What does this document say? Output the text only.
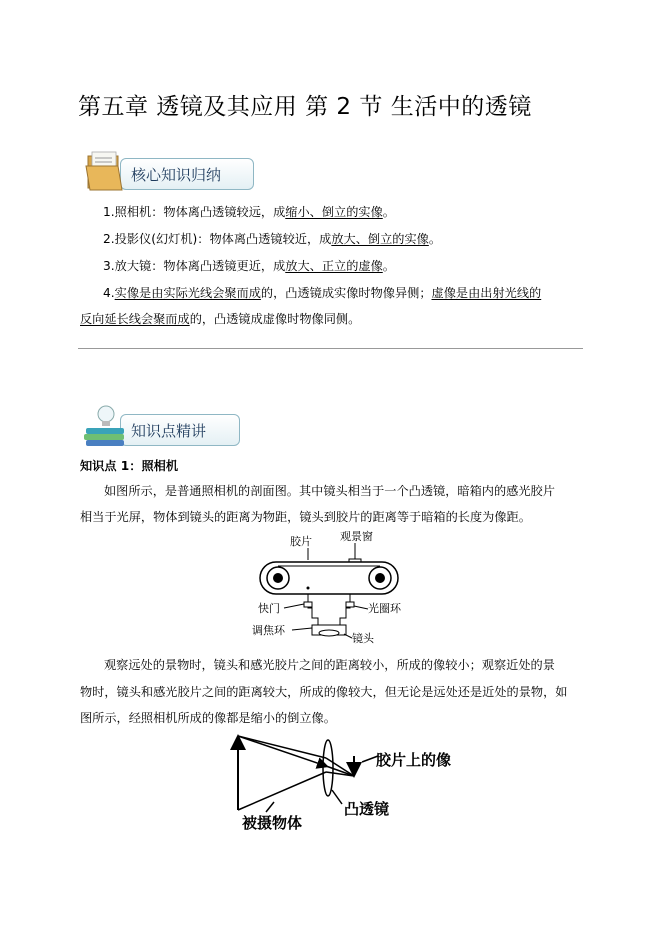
第五章 透镜及其应用 第 2 节 生活中的透镜
核心知识归纳
1.照相机：物体离凸透镜较远，成缩小、倒立的实像。
2.投影仪(幻灯机)：物体离凸透镜较近，成放大、倒立的实像。
3.放大镜：物体离凸透镜更近，成放大、正立的虚像。
4.实像是由实际光线会聚而成的，凸透镜成实像时物像异侧；虚像是由出射光线的
反向延长线会聚而成的，凸透镜成虚像时物像同侧。
知识点精讲
知识点 1：照相机
如图所示，是普通照相机的剖面图。其中镜头相当于一个凸透镜，暗箱内的感光胶片
相当于光屏，物体到镜头的距离为物距，镜头到胶片的距离等于暗箱的长度为像距。
胶片	观景窗
快门	光圈环
调焦环
镜头
观察远处的景物时，镜头和感光胶片之间的距离较小，所成的像较小；观察近处的景
物时，镜头和感光胶片之间的距离较大，所成的像较大，但无论是远处还是近处的景物，如
图所示，经照相机所成的像都是缩小的倒立像。
胶片上的像
凸透镜
被摄物体
